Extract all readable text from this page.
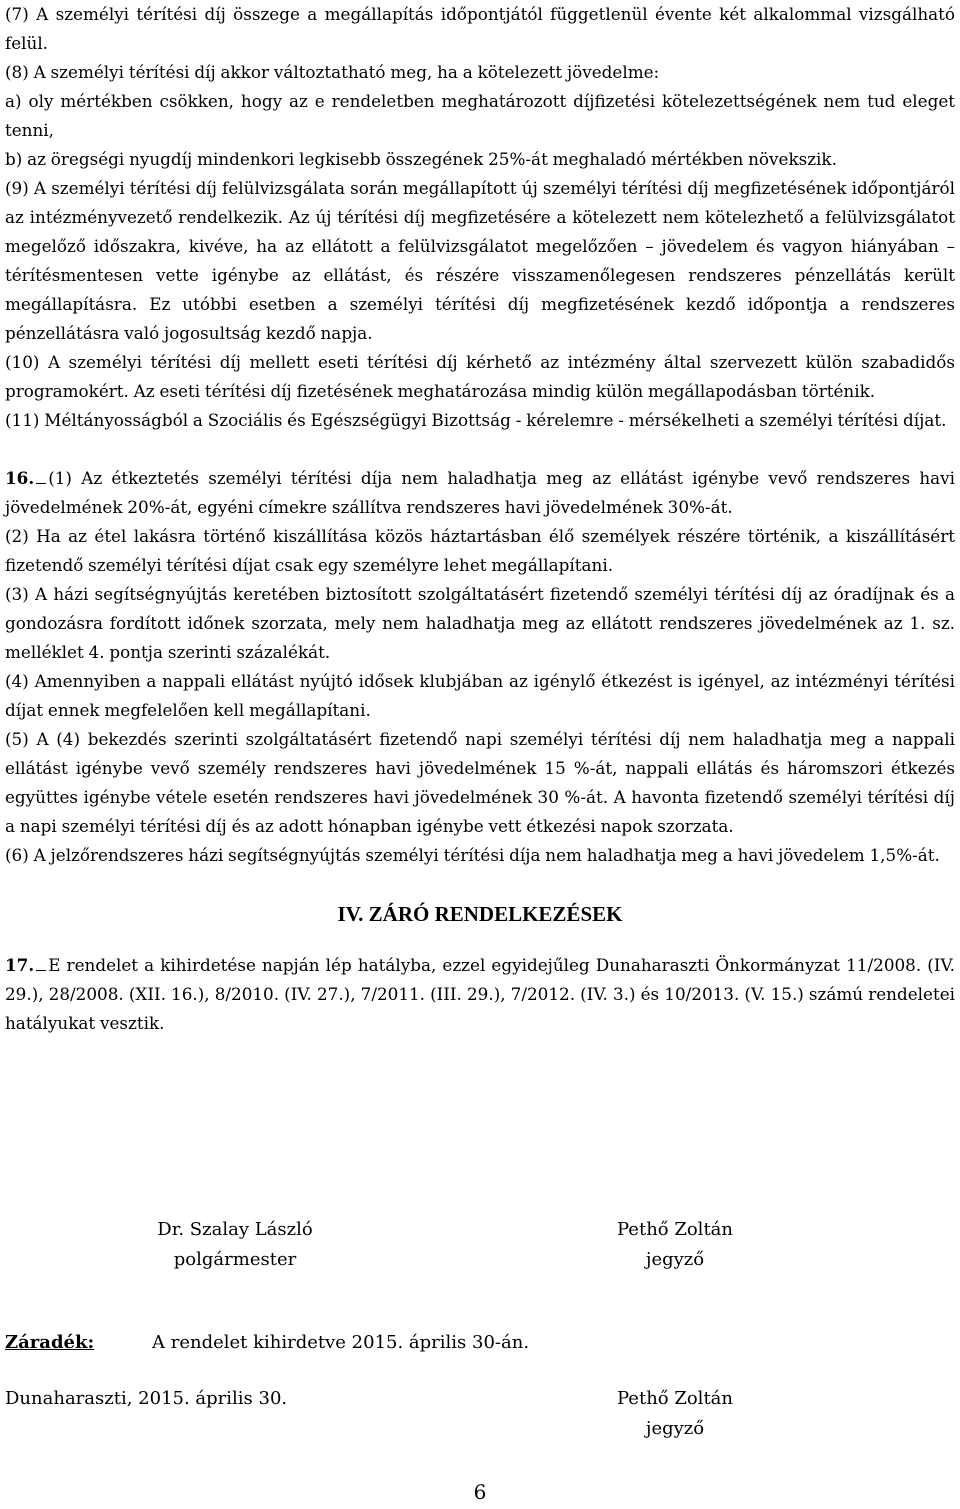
(7) A személyi térítési díj összege a megállapítás időpontjától függetlenül évente két alkalommal vizsgálható felül.

(8) A személyi térítési díj akkor változtatható meg, ha a kötelezett jövedelme:

a) oly mértékben csökken, hogy az e rendeletben meghatározott díjfizetési kötelezettségének nem tud eleget tenni,

b) az öregségi nyugdíj mindenkori legkisebb összegének 25%-át meghaladó mértékben növekszik.

(9) A személyi térítési díj felülvizsgálata során megállapított új személyi térítési díj megfizetésének időpontjáról az intézményvezető rendelkezik. Az új térítési díj megfizetésére a kötelezett nem kötelezhető a felülvizsgálatot megelőző időszakra, kivéve, ha az ellátott a felülvizsgálatot megelőzően – jövedelem és vagyon hiányában – térítésmentesen vette igénybe az ellátást, és részére visszamenőlegesen rendszeres pénzellátás került megállapításra. Ez utóbbi esetben a személyi térítési díj megfizetésének kezdő időpontja a rendszeres pénzellátásra való jogosultság kezdő napja.

(10) A személyi térítési díj mellett eseti térítési díj kérhető az intézmény által szervezett külön szabadidős programokért. Az eseti térítési díj fizetésének meghatározása mindig külön megállapodásban történik.

(11) Méltányosságból a Szociális és Egészségügyi Bizottság - kérelemre - mérsékelheti a személyi térítési díjat.

16. (1) Az étkeztetés személyi térítési díja nem haladhatja meg az ellátást igénybe vevő rendszeres havi jövedelmének 20%-át, egyéni címekre szállítva rendszeres havi jövedelmének 30%-át.

(2) Ha az étel lakásra történő kiszállítása közös háztartásban élő személyek részére történik, a kiszállításért fizetendő személyi térítési díjat csak egy személyre lehet megállapítani.

(3) A házi segítségnyújtás keretében biztosított szolgáltatásért fizetendő személyi térítési díj az óradíjnak és a gondozásra fordított időnek szorzata, mely nem haladhatja meg az ellátott rendszeres jövedelmének az 1. sz. melléklet 4. pontja szerinti százalékát.

(4) Amennyiben a nappali ellátást nyújtó idősek klubjában az igénylő étkezést is igényel, az intézményi térítési díjat ennek megfelelően kell megállapítani.

(5) A (4) bekezdés szerinti szolgáltatásért fizetendő napi személyi térítési díj nem haladhatja meg a nappali ellátást igénybe vevő személy rendszeres havi jövedelmének 15 %-át, nappali ellátás és háromszori étkezés együttes igénybe vétele esetén rendszeres havi jövedelmének 30 %-át. A havonta fizetendő személyi térítési díj a napi személyi térítési díj és az adott hónapban igénybe vett étkezési napok szorzata.

(6) A jelzőrendszeres házi segítségnyújtás személyi térítési díja nem haladhatja meg a havi jövedelem 1,5%-át.

IV. ZÁRÓ RENDELKEZÉSEK

17. E rendelet a kihirdetése napján lép hatályba, ezzel egyidejűleg Dunaharaszti Önkormányzat 11/2008. (IV. 29.), 28/2008. (XII. 16.), 8/2010. (IV. 27.), 7/2011. (III. 29.), 7/2012. (IV. 3.) és 10/2013. (V. 15.) számú rendeletei hatályukat vesztik.

Dr. Szalay László
polgármester
Pethő Zoltán
jegyző
Záradék:	A rendelet kihirdetve 2015. április 30-án.
Dunaharaszti, 2015. április 30.	Pethő Zoltán
jegyző
6
